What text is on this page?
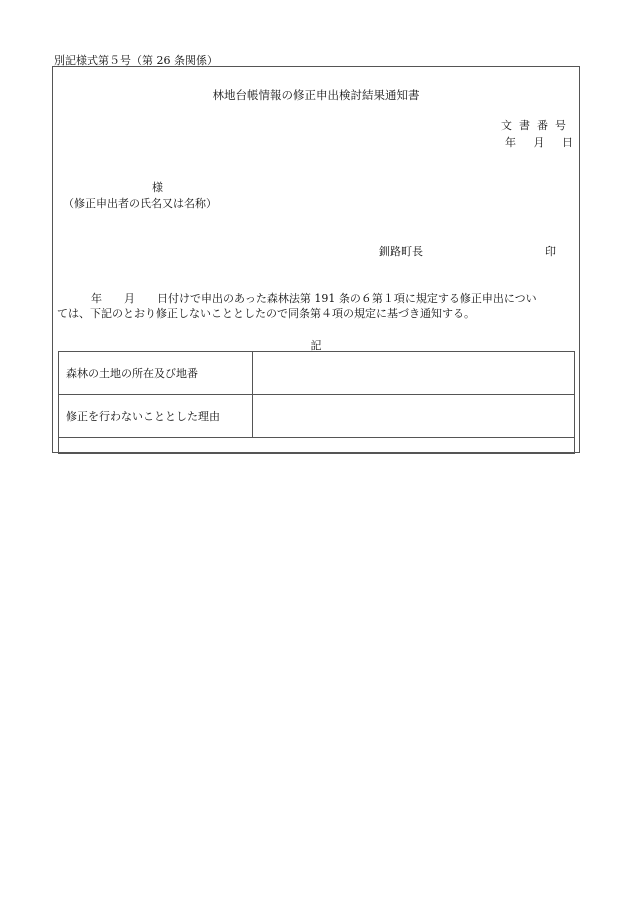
別記様式第５号（第 26 条関係）
林地台帳情報の修正申出検討結果通知書
文書番号
年 月 日
様
（修正申出者の氏名又は名称）
釧路町長	印
年　　月　　日付けで申出のあった森林法第 191 条の６第１項に規定する修正申出につい
ては、下記のとおり修正しないこととしたので同条第４項の規定に基づき通知する。
記
森林の土地の所在及び地番
修正を行わないこととした理由
